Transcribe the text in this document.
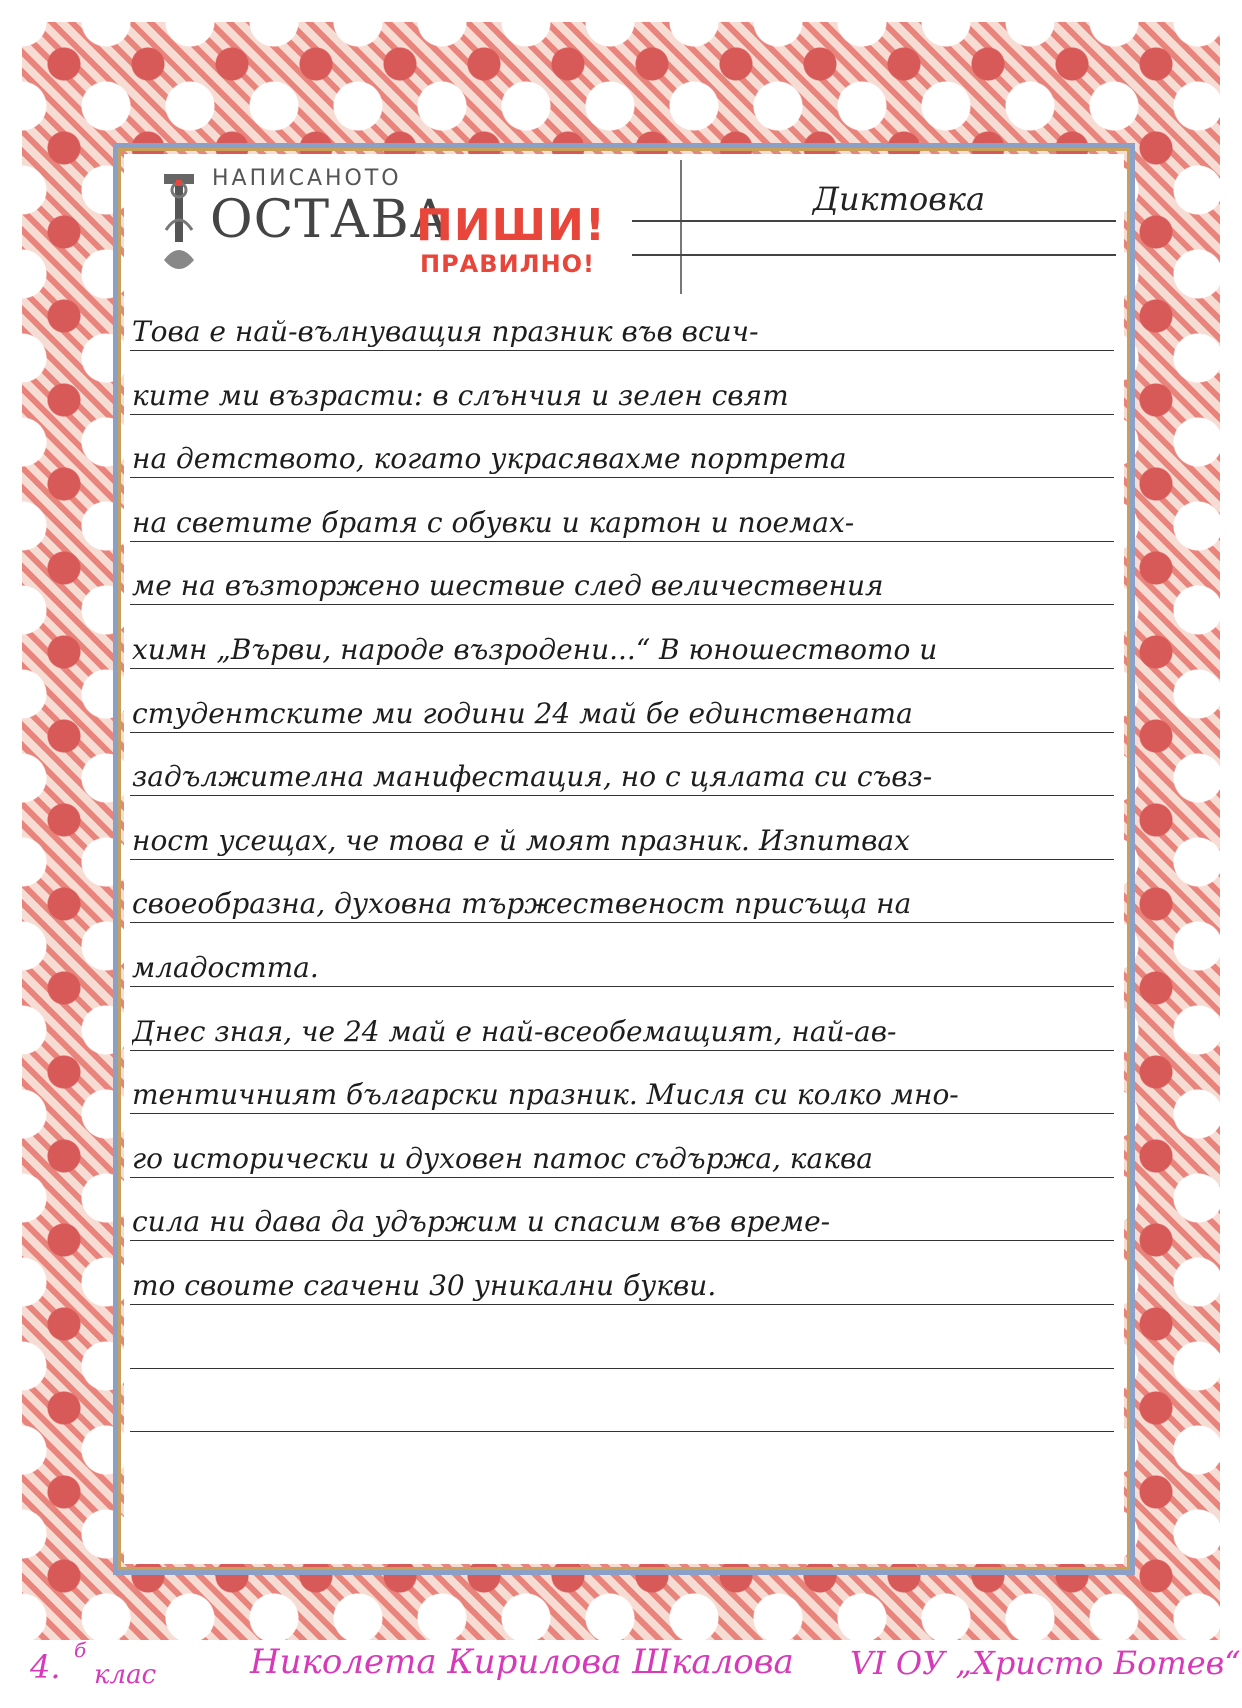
НАПИСАНОТО
ОСТАВА
ПИШИ!
ПРАВИЛНО!
Диктовка
Това е най-вълнуващия празник във всич-
ките ми възрасти: в слънчия и зелен свят
на детството, когато украсявахме портрета
на светите братя с обувки и картон и поемах-
ме на възторжено шествие след величествения
химн „Върви, народе възродени...“ В юношеството и
студентските ми години 24 май бе единствената
задължителна манифестация, но с цялата си съвз-
ност усещах, че това е й моят празник. Изпитвах
своеобразна, духовна тържественост присъща на
младостта.
Днес зная, че 24 май е най-всеобемащият, най-ав-
тентичният български празник. Мисля си колко мно-
го исторически и духовен патос съдържа, каква
сила ни дава да удържим и спасим във време-
то своите сгачени 30 уникални букви.
4. б
клас	Николета Кирилова Шкалова VI ОУ „Христо Ботев“
